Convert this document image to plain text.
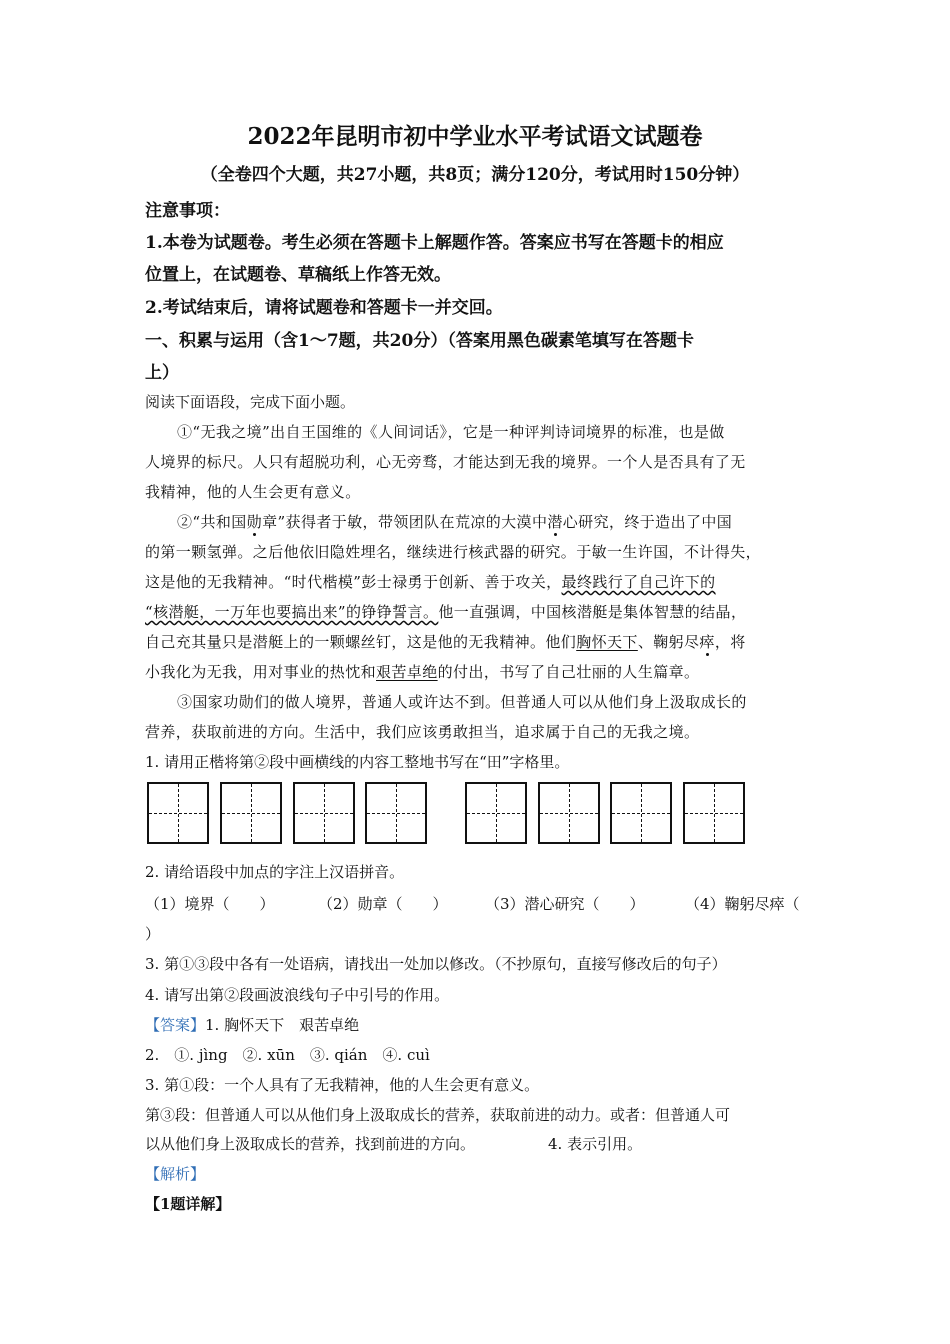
2022年昆明市初中学业水平考试语文试题卷
（全卷四个大题，共27小题，共8页；满分120分，考试用时150分钟）
注意事项：
1.本卷为试题卷。考生必须在答题卡上解题作答。答案应书写在答题卡的相应
位置上，在试题卷、草稿纸上作答无效。
2.考试结束后，请将试题卷和答题卡一并交回。
一、积累与运用（含1～7题，共20分）（答案用黑色碳素笔填写在答题卡
上）
阅读下面语段，完成下面小题。
①“无我之境”出自王国维的《人间词话》，它是一种评判诗词境界的标准，也是做
人境界的标尺。人只有超脱功利，心无旁骛，才能达到无我的境界。一个人是否具有了无
我精神，他的人生会更有意义。
②“共和国勋章”获得者于敏，带领团队在荒凉的大漠中潜心研究，终于造出了中国
的第一颗氢弹。之后他依旧隐姓埋名，继续进行核武器的研究。于敏一生许国，不计得失，
这是他的无我精神。“时代楷模”彭士禄勇于创新、善于攻关，最终践行了自己许下的
“核潜艇，一万年也要搞出来”的铮铮誓言。他一直强调，中国核潜艇是集体智慧的结晶，
自己充其量只是潜艇上的一颗螺丝钉，这是他的无我精神。他们胸怀天下、鞠躬尽瘁，将
小我化为无我，用对事业的热忱和艰苦卓绝的付出，书写了自己壮丽的人生篇章。
③国家功勋们的做人境界，普通人或许达不到。但普通人可以从他们身上汲取成长的
营养，获取前进的方向。生活中，我们应该勇敢担当，追求属于自己的无我之境。
1. 请用正楷将第②段中画横线的内容工整地书写在“田”字格里。
2. 请给语段中加点的字注上汉语拼音。
（1）境界（　　）	（2）勋章（　　） （3）潜心研究（　　）	（4）鞠躬尽瘁（
）
3. 第①③段中各有一处语病，请找出一处加以修改。（不抄原句，直接写修改后的句子）
4. 请写出第②段画波浪线句子中引号的作用。
【答案】1. 胸怀天下　艰苦卓绝
2.　①. jìng　②. xūn　③. qián　④. cuì
3. 第①段：一个人具有了无我精神，他的人生会更有意义。
第③段：但普通人可以从他们身上汲取成长的营养，获取前进的动力。或者：但普通人可
以从他们身上汲取成长的营养，找到前进的方向。	4. 表示引用。
【解析】
【1题详解】
